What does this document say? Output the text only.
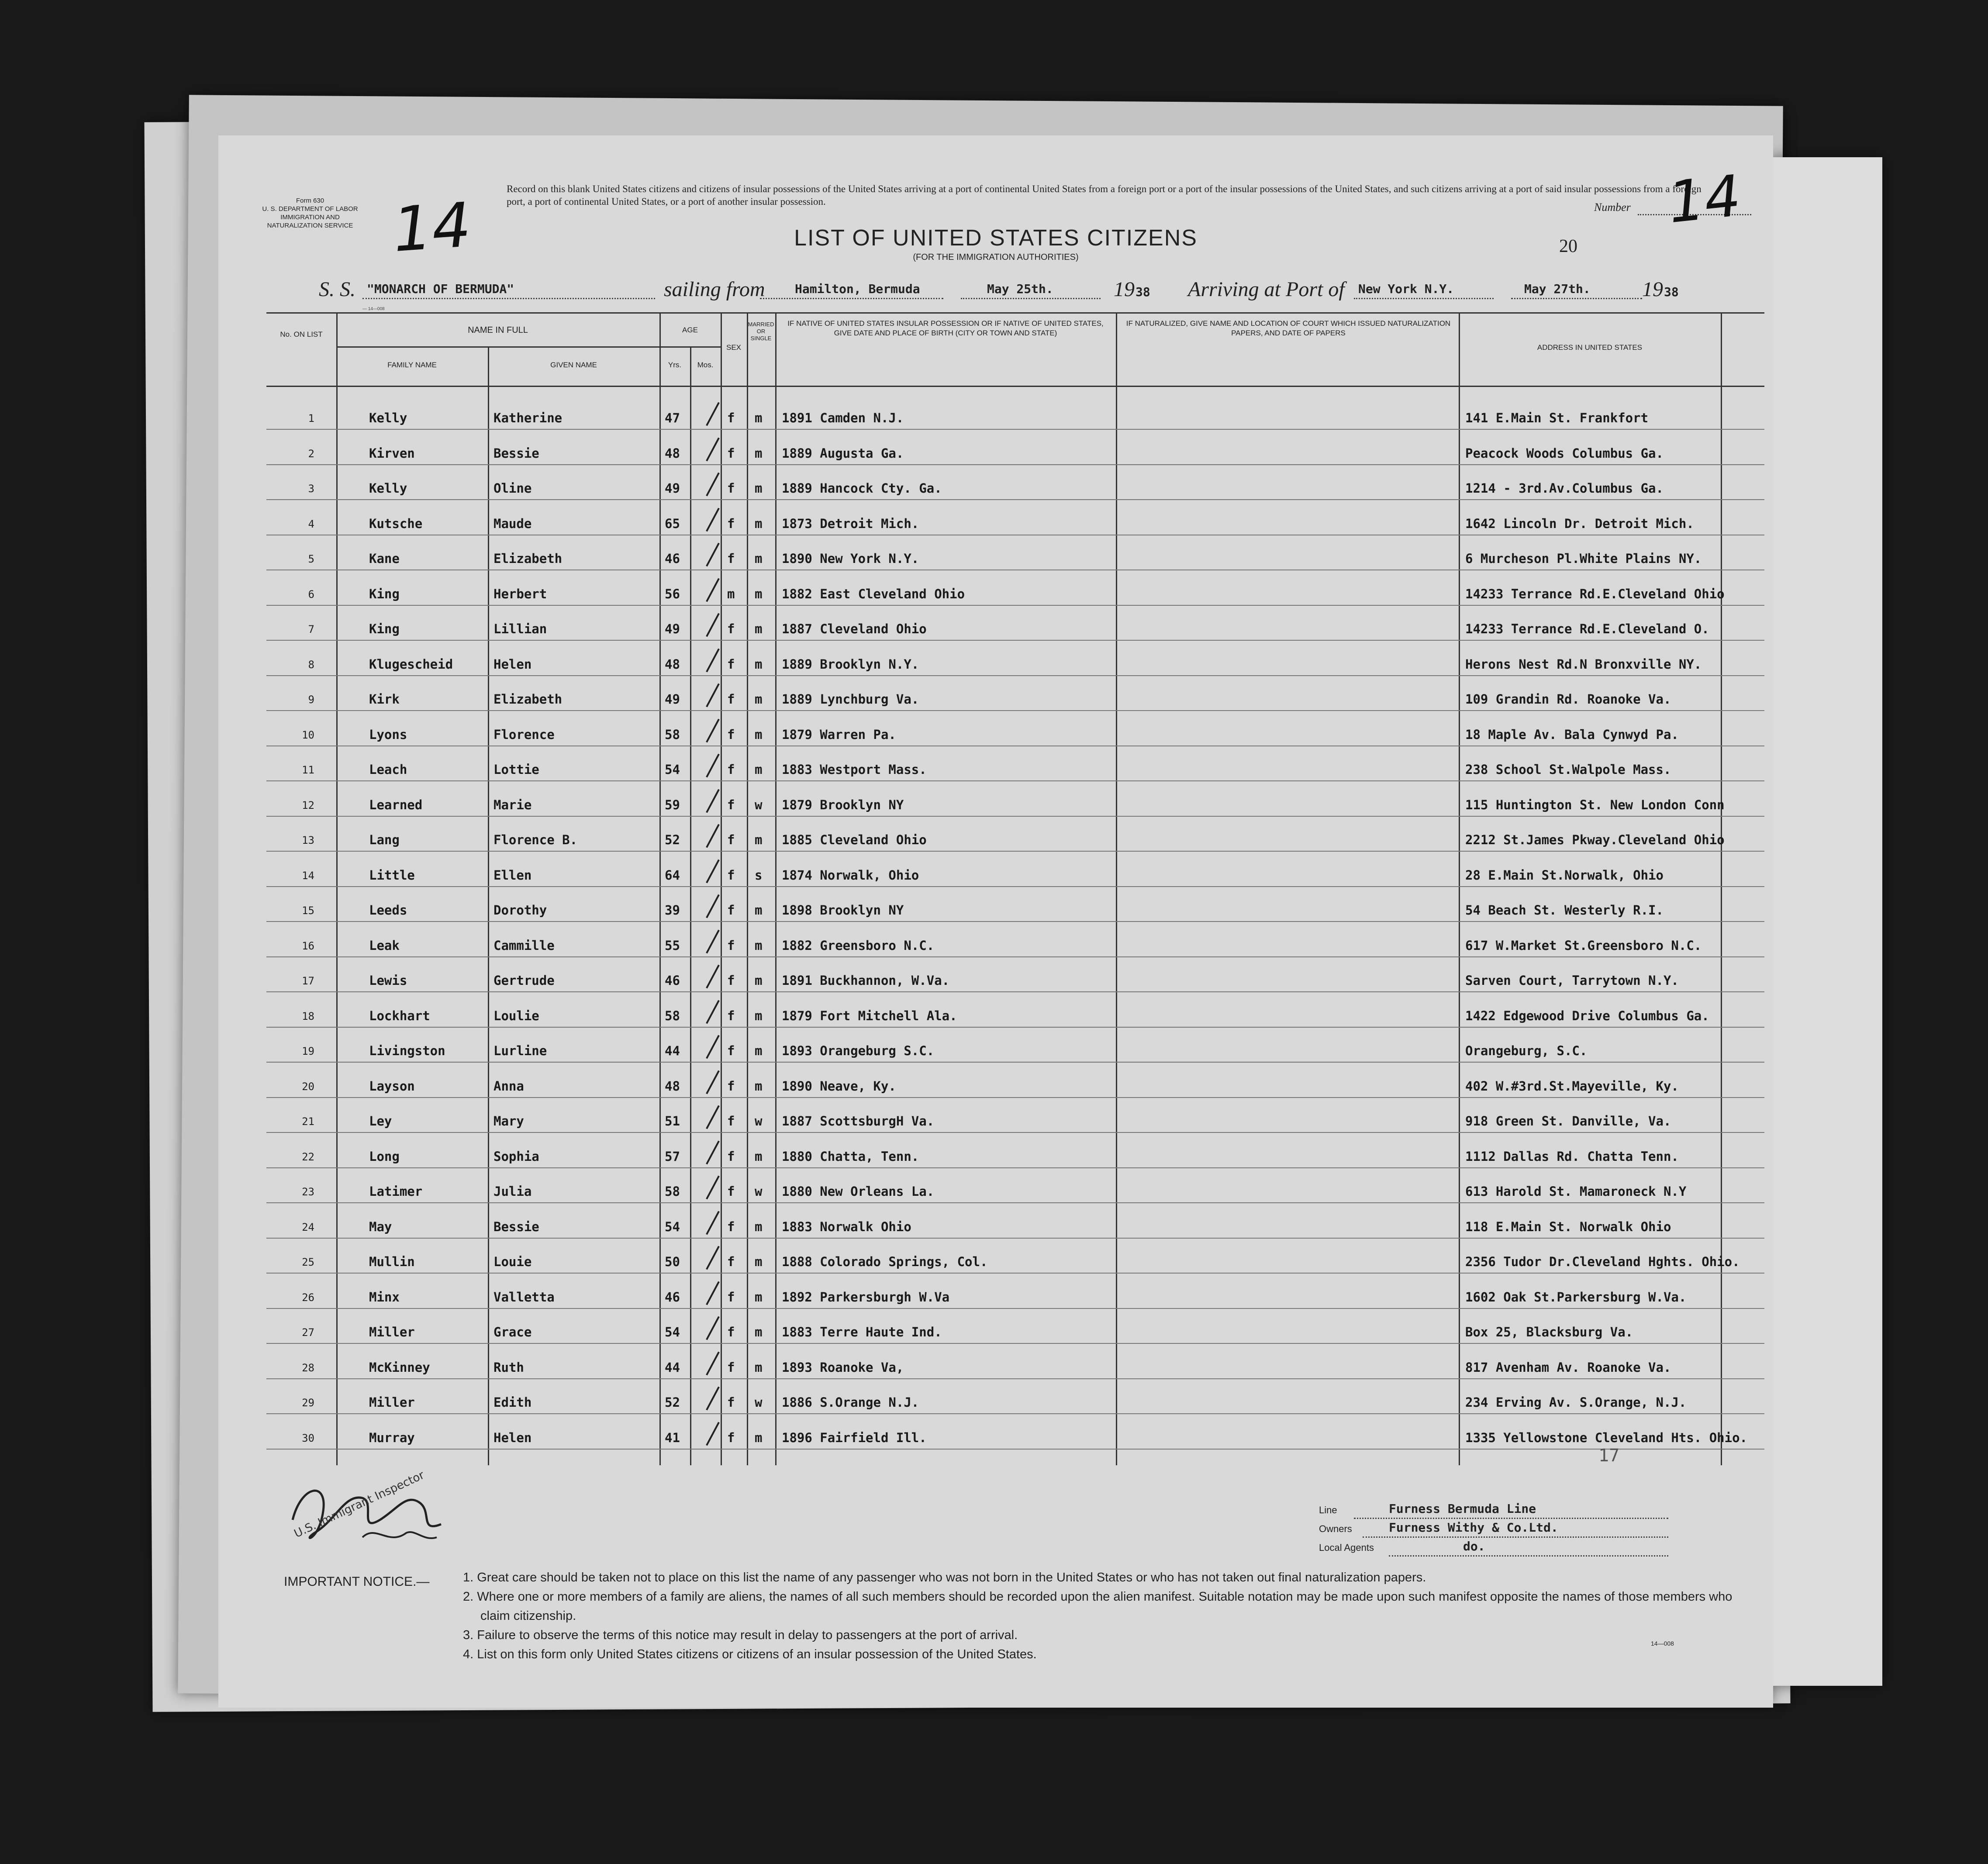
Form 630
U. S. DEPARTMENT OF LABOR
IMMIGRATION AND NATURALIZATION SERVICE
Record on this blank United States citizens and citizens of insular possessions of the United States arriving at a port of continental United States from a foreign port or a port of the insular possessions of the United States, and such citizens arriving at a port of said insular possessions from a foreign port, a port of continental United States, or a port of another insular possession.	Number 14
14	LIST OF UNITED STATES CITIZENS
(FOR THE IMMIGRATION AUTHORITIES)
20
S. S. "MONARCH OF BERMUDA"	sailing from Hamilton, Bermuda	May 25th.	19 38 Arriving at Port of New York N.Y.	May 27th. 19 38
— 14—008
No. ON LIST	NAME IN FULL
FAMILY NAME	GIVEN NAME
AGE
Yrs.	Mos.
SEX
MARRIED OR SINGLE
IF NATIVE OF UNITED STATES INSULAR POSSESSION OR IF NATIVE OF UNITED STATES, GIVE DATE AND PLACE OF BIRTH (CITY OR TOWN AND STATE)
IF NATURALIZED, GIVE NAME AND LOCATION OF COURT WHICH ISSUED NATURALIZATION PAPERS, AND DATE OF PAPERS
ADDRESS IN UNITED STATES
1	Kelly	Katherine	47	f m 1891 Camden N.J.	141 E.Main St. Frankfort
2	Kirven	Bessie	48	f m 1889 Augusta Ga.	Peacock Woods Columbus Ga.
3	Kelly	Oline	49	f m 1889 Hancock Cty. Ga.	1214 - 3rd.Av.Columbus Ga.
4	Kutsche	Maude	65	f m 1873 Detroit Mich.	1642 Lincoln Dr. Detroit Mich.
5	Kane	Elizabeth	46	f m 1890 New York N.Y.	6 Murcheson Pl.White Plains NY.
6	King	Herbert	56	m m 1882 East Cleveland Ohio	14233 Terrance Rd.E.Cleveland Ohio
7	King	Lillian	49	f m 1887 Cleveland Ohio	14233 Terrance Rd.E.Cleveland O.
8	Klugescheid	Helen	48	f m 1889 Brooklyn N.Y.	Herons Nest Rd.N Bronxville NY.
9	Kirk	Elizabeth	49	f m 1889 Lynchburg Va.	109 Grandin Rd. Roanoke Va.
10	Lyons	Florence	58	f m 1879 Warren Pa.	18 Maple Av. Bala Cynwyd Pa.
11	Leach	Lottie	54	f m 1883 Westport Mass.	238 School St.Walpole Mass.
12	Learned	Marie	59	f w 1879 Brooklyn NY	115 Huntington St. New London Conn
13	Lang	Florence B.	52	f m 1885 Cleveland Ohio	2212 St.James Pkway.Cleveland Ohio
14	Little	Ellen	64	f s 1874 Norwalk, Ohio	28 E.Main St.Norwalk, Ohio
15	Leeds	Dorothy	39	f m 1898 Brooklyn NY	54 Beach St. Westerly R.I.
16	Leak	Cammille	55	f m 1882 Greensboro N.C.	617 W.Market St.Greensboro N.C.
17	Lewis	Gertrude	46	f m 1891 Buckhannon, W.Va.	Sarven Court, Tarrytown N.Y.
18	Lockhart	Loulie	58	f m 1879 Fort Mitchell Ala.	1422 Edgewood Drive Columbus Ga.
19	Livingston	Lurline	44	f m 1893 Orangeburg S.C.	Orangeburg, S.C.
20	Layson	Anna	48	f m 1890 Neave, Ky.	402 W.#3rd.St.Mayeville, Ky.
21	Ley	Mary	51	f w 1887 ScottsburgH Va.	918 Green St. Danville, Va.
22	Long	Sophia	57	f m 1880 Chatta, Tenn.	1112 Dallas Rd. Chatta Tenn.
23	Latimer	Julia	58	f w 1880 New Orleans La.	613 Harold St. Mamaroneck N.Y
24	May	Bessie	54	f m 1883 Norwalk Ohio	118 E.Main St. Norwalk Ohio
25	Mullin	Louie	50	f m 1888 Colorado Springs, Col.	2356 Tudor Dr.Cleveland Hghts. Ohio.
26	Minx	Valletta	46	f m 1892 Parkersburgh W.Va	1602 Oak St.Parkersburg W.Va.
27	Miller	Grace	54	f m 1883 Terre Haute Ind.	Box 25, Blacksburg Va.
28	McKinney	Ruth	44	f m 1893 Roanoke Va,	817 Avenham Av. Roanoke Va.
29	Miller	Edith	52	f w 1886 S.Orange N.J.	234 Erving Av. S.Orange, N.J.
30	Murray	Helen	41	f m 1896 Fairfield Ill.	1335 Yellowstone Cleveland Hts. Ohio.
17
U.S. Immigrant Inspector	Line	Furness Bermuda Line
Owners	Furness Withy & Co.Ltd.
Local Agents	do.
IMPORTANT NOTICE.—	1. Great care should be taken not to place on this list the name of any passenger who was not born in the United States or who has not taken out final naturalization papers.
2. Where one or more members of a family are aliens, the names of all such members should be recorded upon the alien manifest. Suitable notation may be made upon such manifest opposite the names of those members who claim citizenship.
3. Failure to observe the terms of this notice may result in delay to passengers at the port of arrival.
4. List on this form only United States citizens or citizens of an insular possession of the United States.
14—008
